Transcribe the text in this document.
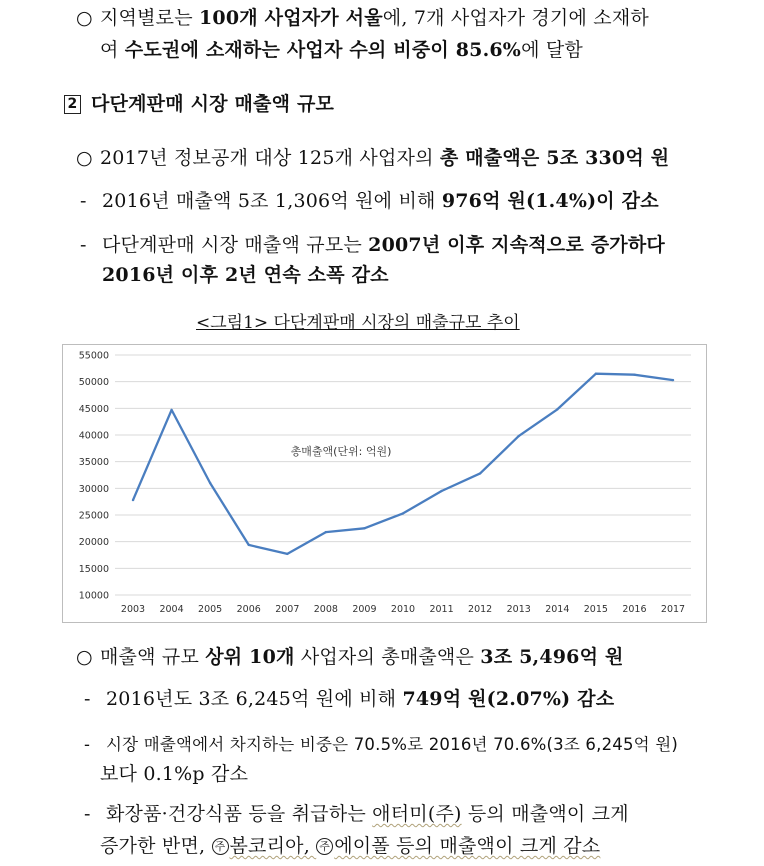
○ 지역별로는 100개 사업자가 서울에, 7개 사업자가 경기에 소재하
여 수도권에 소재하는 사업자 수의 비중이 85.6%에 달함
2 다단계판매 시장 매출액 규모
○ 2017년 정보공개 대상 125개 사업자의 총 매출액은 5조 330억 원
- 2016년 매출액 5조 1,306억 원에 비해 976억 원(1.4%)이 감소
- 다단계판매 시장 매출액 규모는 2007년 이후 지속적으로 증가하다
2016년 이후 2년 연속 소폭 감소
<그림1> 다단계판매 시장의 매출규모 추이
10000
15000
20000
25000
30000
35000
40000
45000
50000
55000
2003 2004 2005 2006 2007 2008 2009 2010 2011 2012 2013 2014 2015 2016 2017
총매출액(단위: 억원)
○ 매출액 규모 상위 10개 사업자의 총매출액은 3조 5,496억 원
- 2016년도 3조 6,245억 원에 비해 749억 원(2.07%) 감소
- 시장 매출액에서 차지하는 비중은 70.5%로 2016년 70.6%(3조 6,245억 원)
보다 0.1%p 감소
- 화장품·건강식품 등을 취급하는 애터미(주) 등의 매출액이 크게
증가한 반면, 주 봄코리아, 주 에이폴 등의 매출액이 크게 감소
